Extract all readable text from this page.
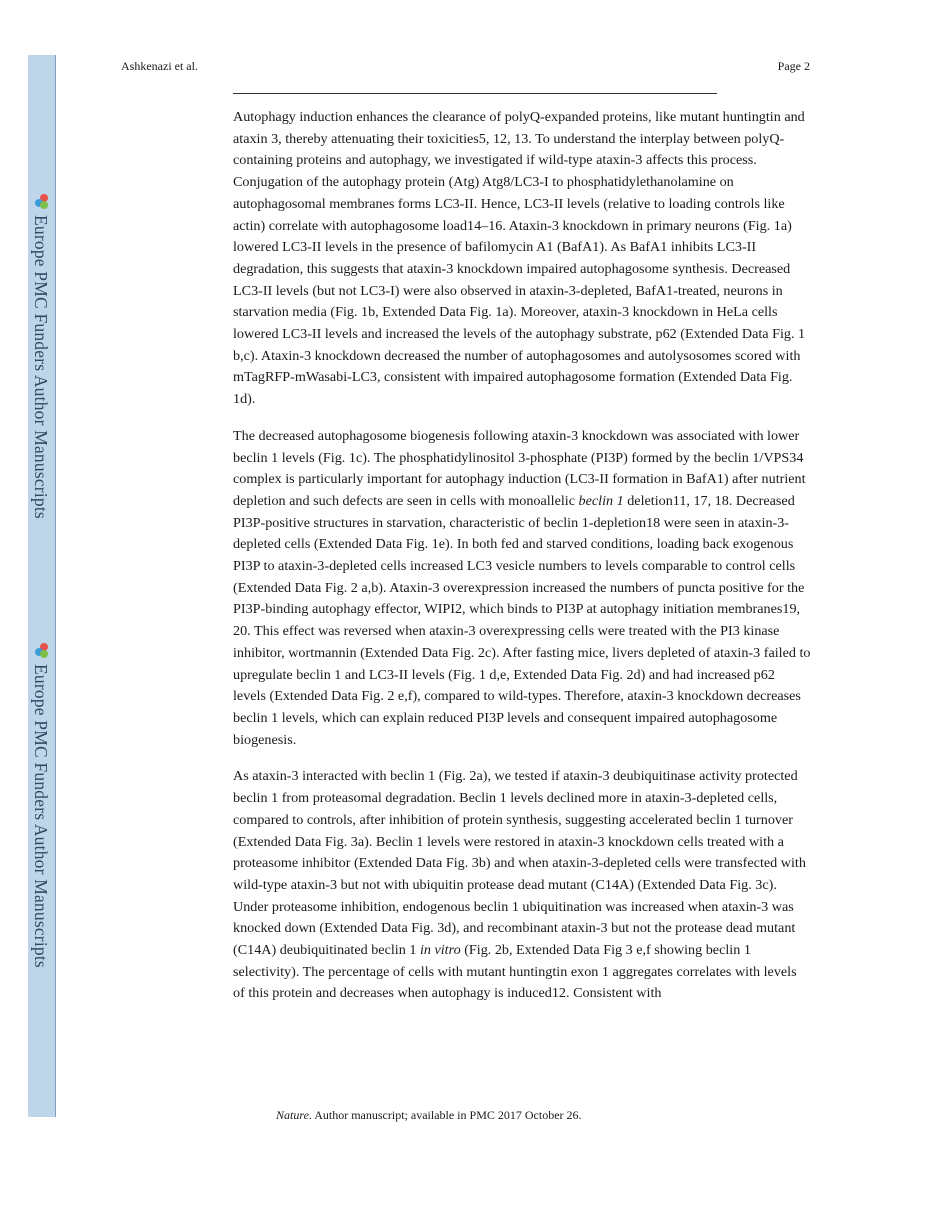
Europe PMC Funders Author Manuscripts
Europe PMC Funders Author Manuscripts
Ashkenazi et al.	Page 2

Autophagy induction enhances the clearance of polyQ-expanded proteins, like mutant huntingtin and ataxin 3, thereby attenuating their toxicities5, 12, 13. To understand the interplay between polyQ-containing proteins and autophagy, we investigated if wild-type ataxin-3 affects this process. Conjugation of the autophagy protein (Atg) Atg8/LC3-I to phosphatidylethanolamine on autophagosomal membranes forms LC3-II. Hence, LC3-II levels (relative to loading controls like actin) correlate with autophagosome load14–16. Ataxin-3 knockdown in primary neurons (Fig. 1a) lowered LC3-II levels in the presence of bafilomycin A1 (BafA1). As BafA1 inhibits LC3-II degradation, this suggests that ataxin-3 knockdown impaired autophagosome synthesis. Decreased LC3-II levels (but not LC3-I) were also observed in ataxin-3-depleted, BafA1-treated, neurons in starvation media (Fig. 1b, Extended Data Fig. 1a). Moreover, ataxin-3 knockdown in HeLa cells lowered LC3-II levels and increased the levels of the autophagy substrate, p62 (Extended Data Fig. 1 b,c). Ataxin-3 knockdown decreased the number of autophagosomes and autolysosomes scored with mTagRFP-mWasabi-LC3, consistent with impaired autophagosome formation (Extended Data Fig. 1d).

The decreased autophagosome biogenesis following ataxin-3 knockdown was associated with lower beclin 1 levels (Fig. 1c). The phosphatidylinositol 3-phosphate (PI3P) formed by the beclin 1/VPS34 complex is particularly important for autophagy induction (LC3-II formation in BafA1) after nutrient depletion and such defects are seen in cells with monoallelic beclin 1 deletion11, 17, 18. Decreased PI3P-positive structures in starvation, characteristic of beclin 1-depletion18 were seen in ataxin-3-depleted cells (Extended Data Fig. 1e). In both fed and starved conditions, loading back exogenous PI3P to ataxin-3-depleted cells increased LC3 vesicle numbers to levels comparable to control cells (Extended Data Fig. 2 a,b). Ataxin-3 overexpression increased the numbers of puncta positive for the PI3P-binding autophagy effector, WIPI2, which binds to PI3P at autophagy initiation membranes19, 20. This effect was reversed when ataxin-3 overexpressing cells were treated with the PI3 kinase inhibitor, wortmannin (Extended Data Fig. 2c). After fasting mice, livers depleted of ataxin-3 failed to upregulate beclin 1 and LC3-II levels (Fig. 1 d,e, Extended Data Fig. 2d) and had increased p62 levels (Extended Data Fig. 2 e,f), compared to wild-types. Therefore, ataxin-3 knockdown decreases beclin 1 levels, which can explain reduced PI3P levels and consequent impaired autophagosome biogenesis.

As ataxin-3 interacted with beclin 1 (Fig. 2a), we tested if ataxin-3 deubiquitinase activity protected beclin 1 from proteasomal degradation. Beclin 1 levels declined more in ataxin-3-depleted cells, compared to controls, after inhibition of protein synthesis, suggesting accelerated beclin 1 turnover (Extended Data Fig. 3a). Beclin 1 levels were restored in ataxin-3 knockdown cells treated with a proteasome inhibitor (Extended Data Fig. 3b) and when ataxin-3-depleted cells were transfected with wild-type ataxin-3 but not with ubiquitin protease dead mutant (C14A) (Extended Data Fig. 3c). Under proteasome inhibition, endogenous beclin 1 ubiquitination was increased when ataxin-3 was knocked down (Extended Data Fig. 3d), and recombinant ataxin-3 but not the protease dead mutant (C14A) deubiquitinated beclin 1 in vitro (Fig. 2b, Extended Data Fig 3 e,f showing beclin 1 selectivity). The percentage of cells with mutant huntingtin exon 1 aggregates correlates with levels of this protein and decreases when autophagy is induced12. Consistent with

Nature. Author manuscript; available in PMC 2017 October 26.
